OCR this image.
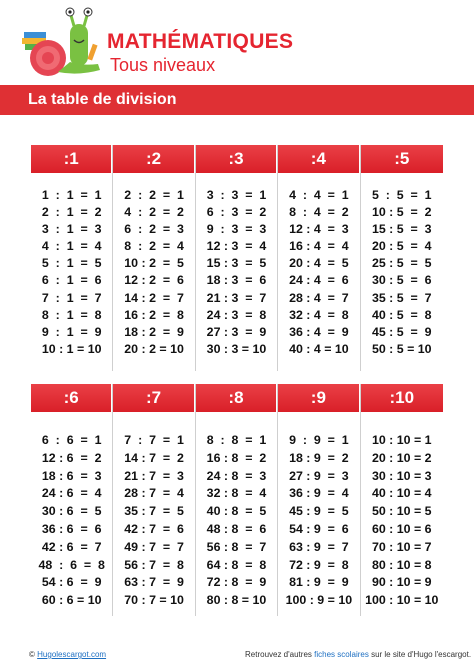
MATHÉMATIQUES
Tous niveaux
La table de division
:1
1  :  1  =  1
2  :  1  =  2
3  :  1  =  3
4  :  1  =  4
5  :  1  =  5
6  :  1  =  6
7  :  1  =  7
8  :  1  =  8
9  :  1  =  9
10 : 1 = 10
:2
2  :  2  =  1
4  :  2  =  2
6  :  2  =  3
8  :  2  =  4
10 : 2  =  5
12 : 2  =  6
14 : 2  =  7
16 : 2  =  8
18 : 2  =  9
20 : 2 = 10
:3
3  :  3  =  1
6  :  3  =  2
9  :  3  =  3
12 : 3  =  4
15 : 3  =  5
18 : 3  =  6
21 : 3  =  7
24 : 3  =  8
27 : 3  =  9
30 : 3 = 10
:4
4  :  4  =  1
8  :  4  =  2
12 : 4  =  3
16 : 4  =  4
20 : 4  =  5
24 : 4  =  6
28 : 4  =  7
32 : 4  =  8
36 : 4  =  9
40 : 4 = 10
:5
5  :  5  =  1
10 : 5  =  2
15 : 5  =  3
20 : 5  =  4
25 : 5  =  5
30 : 5  =  6
35 : 5  =  7
40 : 5  =  8
45 : 5  =  9
50 : 5 = 10
:6
6  :  6  =  1
12 : 6  =  2
18 : 6  =  3
24 : 6  =  4
30 : 6  =  5
36 : 6  =  6
42 : 6  =  7
48  :  6  =  8
54 : 6  =  9
60 : 6 = 10
:7
7  :  7  =  1
14 : 7  =  2
21 : 7  =  3
28 : 7  =  4
35 : 7  =  5
42 : 7  =  6
49 : 7  =  7
56 : 7  =  8
63 : 7  =  9
70 : 7 = 10
:8
8  :  8  =  1
16 : 8  =  2
24 : 8  =  3
32 : 8  =  4
40 : 8  =  5
48 : 8  =  6
56 : 8  =  7
64 : 8  =  8
72 : 8  =  9
80 : 8 = 10
:9
9  :  9  =  1
18 : 9  =  2
27 : 9  =  3
36 : 9  =  4
45 : 9  =  5
54 : 9  =  6
63 : 9  =  7
72 : 9  =  8
81 : 9  =  9
100 : 9 = 10
:10
10 : 10 = 1
20 : 10 = 2
30 : 10 = 3
40 : 10 = 4
50 : 10 = 5
60 : 10 = 6
70 : 10 = 7
80 : 10 = 8
90 : 10 = 9
100 : 10 = 10
© Hugolescargot.com	Retrouvez d'autres fiches scolaires sur le site d'Hugo l'escargot.
